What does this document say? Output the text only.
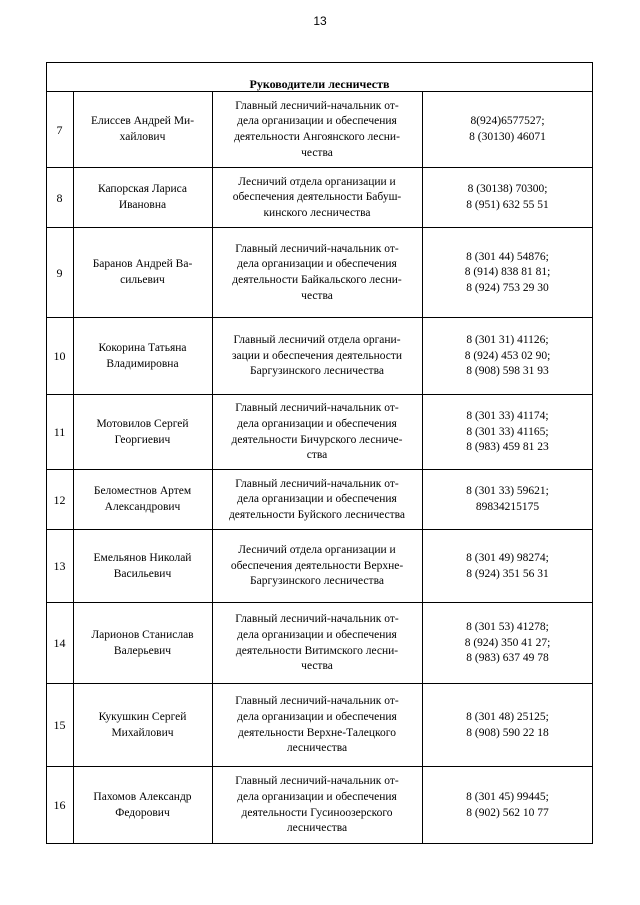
13
Руководители лесничеств
7
Елиссев Андрей Ми-
хайлович
Главный лесничий-начальник от-
дела организации и обеспечения
деятельности Ангоянского лесни-
чества
8(924)6577527;
8 (30130) 46071
8
Капорская Лариса
Ивановна
Лесничий отдела организации и
обеспечения деятельности Бабуш-
кинского лесничества
8 (30138) 70300;
8 (951) 632 55 51
9
Баранов Андрей Ва-
сильевич
Главный лесничий-начальник от-
дела организации и обеспечения
деятельности Байкальского лесни-
чества
8 (301 44) 54876;
8 (914) 838 81 81;
8 (924) 753 29 30
10
Кокорина Татьяна
Владимировна
Главный лесничий отдела органи-
зации и обеспечения деятельности
Баргузинского лесничества
8 (301 31) 41126;
8 (924) 453 02 90;
8 (908) 598 31 93
11
Мотовилов Сергей
Георгиевич
Главный лесничий-начальник от-
дела организации и обеспечения
деятельности Бичурского лесниче-
ства
8 (301 33) 41174;
8 (301 33) 41165;
8 (983) 459 81 23
12
Беломестнов Артем
Александрович
Главный лесничий-начальник от-
дела организации и обеспечения
деятельности Буйского лесничества
8 (301 33) 59621;
89834215175
13
Емельянов Николай
Васильевич
Лесничий отдела организации и
обеспечения деятельности Верхне-
Баргузинского лесничества
8 (301 49) 98274;
8 (924) 351 56 31
14
Ларионов Станислав
Валерьевич
Главный лесничий-начальник от-
дела организации и обеспечения
деятельности Витимского лесни-
чества
8 (301 53) 41278;
8 (924) 350 41 27;
8 (983) 637 49 78
15
Кукушкин Сергей
Михайлович
Главный лесничий-начальник от-
дела организации и обеспечения
деятельности Верхне-Талецкого
лесничества
8 (301 48) 25125;
8 (908) 590 22 18
16
Пахомов Александр
Федорович
Главный лесничий-начальник от-
дела организации и обеспечения
деятельности Гусиноозерского
лесничества
8 (301 45) 99445;
8 (902) 562 10 77
